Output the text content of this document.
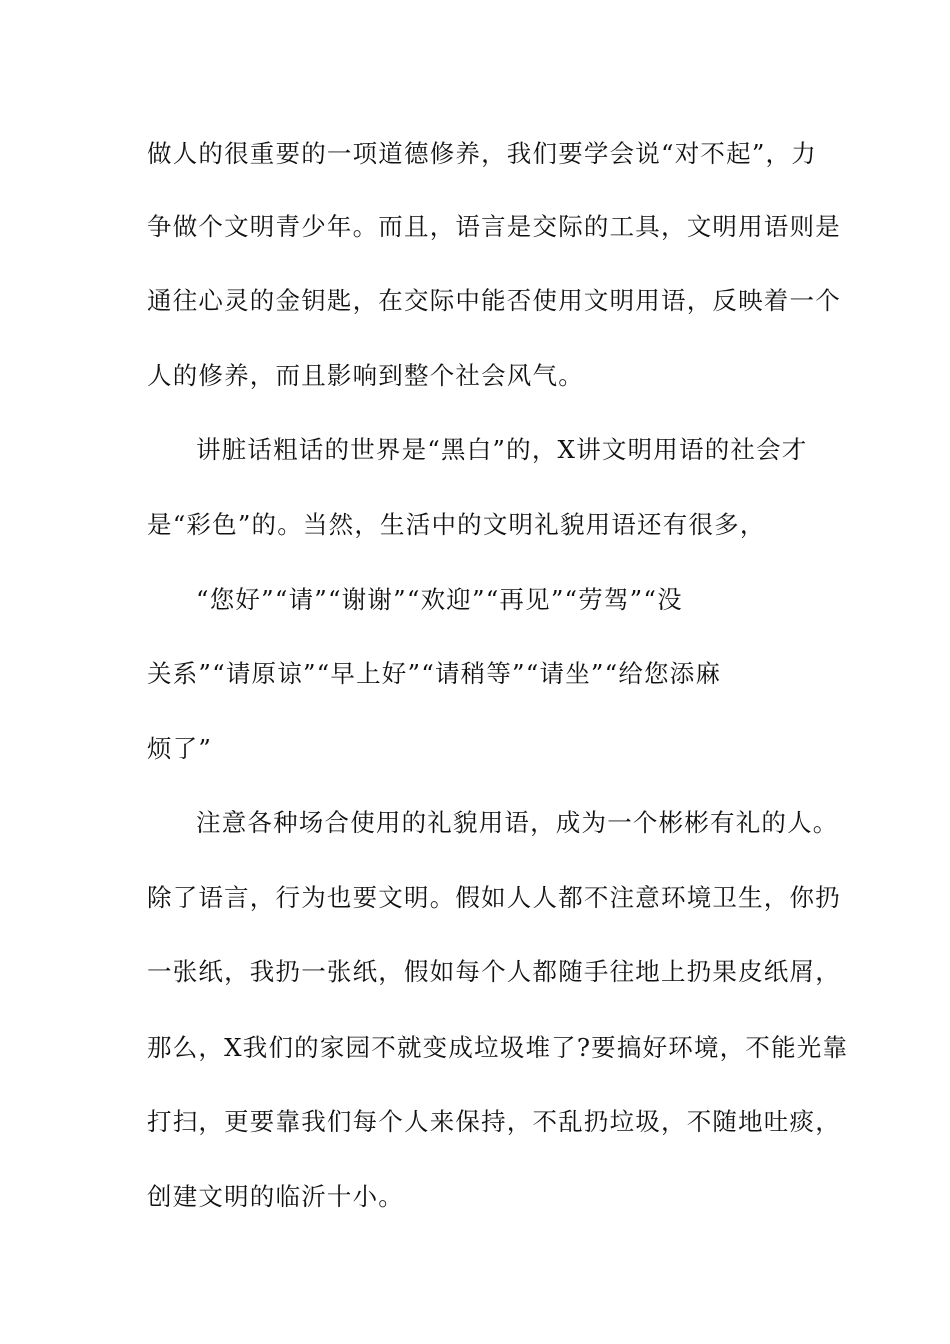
做人的很重要的一项道德修养，我们要学会说“对不起”，力
争做个文明青少年。而且，语言是交际的工具，文明用语则是
通往心灵的金钥匙，在交际中能否使用文明用语，反映着一个
人的修养，而且影响到整个社会风气。
讲脏话粗话的世界是“黑白”的，X讲文明用语的社会才
是“彩色”的。当然，生活中的文明礼貌用语还有很多，
“您好”“请”“谢谢”“欢迎”“再见”“劳驾”“没
关系”“请原谅”“早上好”“请稍等”“请坐”“给您添麻
烦了”
注意各种场合使用的礼貌用语，成为一个彬彬有礼的人。
除了语言，行为也要文明。假如人人都不注意环境卫生，你扔
一张纸，我扔一张纸，假如每个人都随手往地上扔果皮纸屑，
那么，X我们的家园不就变成垃圾堆了?要搞好环境，不能光靠
打扫，更要靠我们每个人来保持，不乱扔垃圾，不随地吐痰，
创建文明的临沂十小。
